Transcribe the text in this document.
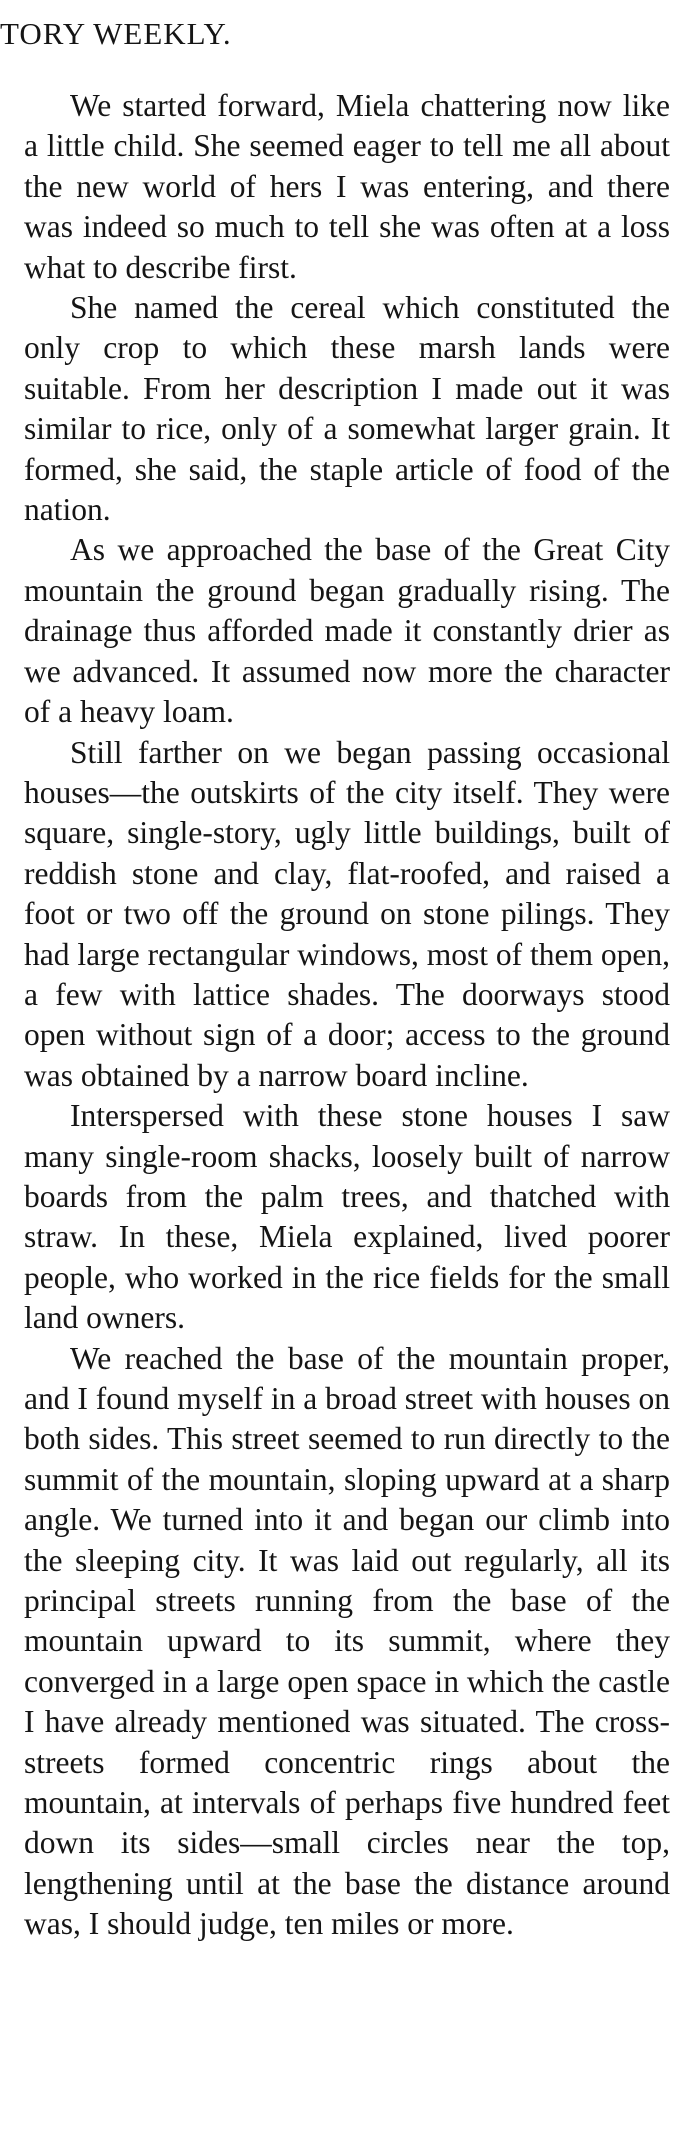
TORY WEEKLY.

We started forward, Miela chattering now like a little child. She seemed eager to tell me all about the new world of hers I was entering, and there was indeed so much to tell she was often at a loss what to describe first.

She named the cereal which constituted the only crop to which these marsh lands were suitable. From her description I made out it was similar to rice, only of a somewhat larger grain. It formed, she said, the staple article of food of the nation.

As we approached the base of the Great City mountain the ground began gradually rising. The drainage thus afforded made it constantly drier as we advanced. It assumed now more the character of a heavy loam.

Still farther on we began passing occasional houses—the outskirts of the city itself. They were square, single-story, ugly little buildings, built of reddish stone and clay, flat-roofed, and raised a foot or two off the ground on stone pilings. They had large rectangular windows, most of them open, a few with lattice shades. The doorways stood open without sign of a door; access to the ground was obtained by a narrow board incline.

Interspersed with these stone houses I saw many single-room shacks, loosely built of narrow boards from the palm trees, and thatched with straw. In these, Miela explained, lived poorer people, who worked in the rice fields for the small land owners.

We reached the base of the mountain proper, and I found myself in a broad street with houses on both sides. This street seemed to run directly to the summit of the mountain, sloping upward at a sharp angle. We turned into it and began our climb into the sleeping city. It was laid out regularly, all its principal streets running from the base of the mountain upward to its summit, where they converged in a large open space in which the castle I have already mentioned was situated. The cross-streets formed concentric rings about the mountain, at intervals of perhaps five hundred feet down its sides—small circles near the top, lengthening until at the base the distance around was, I should judge, ten miles or more.
